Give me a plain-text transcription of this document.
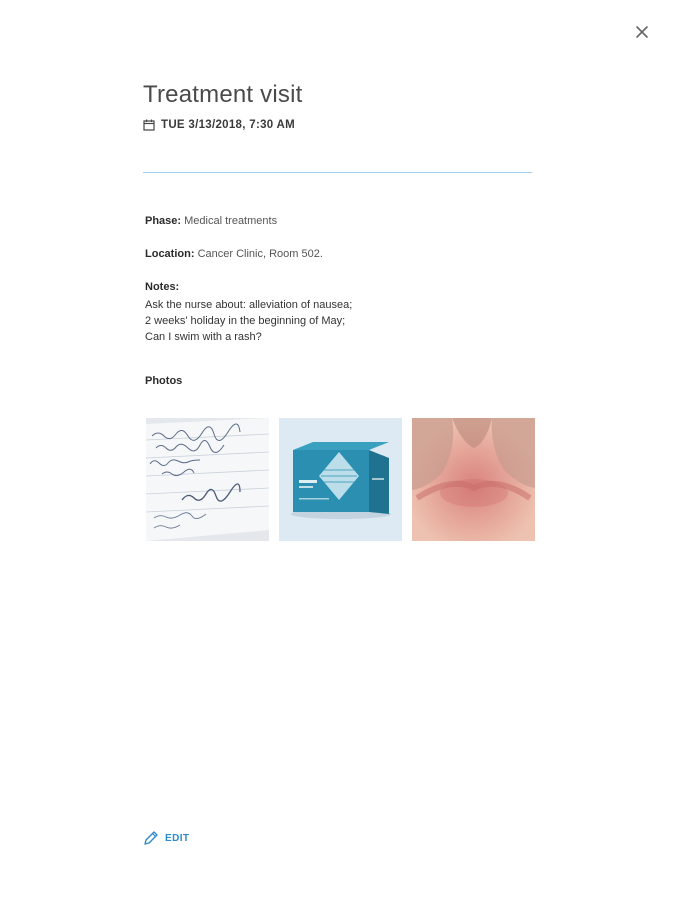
Treatment visit
TUE 3/13/2018, 7:30 AM
Phase: Medical treatments
Location: Cancer Clinic, Room 502.
Notes:
Ask the nurse about: alleviation of nausea;
2 weeks' holiday in the beginning of May;
Can I swim with a rash?
Photos
EDIT
